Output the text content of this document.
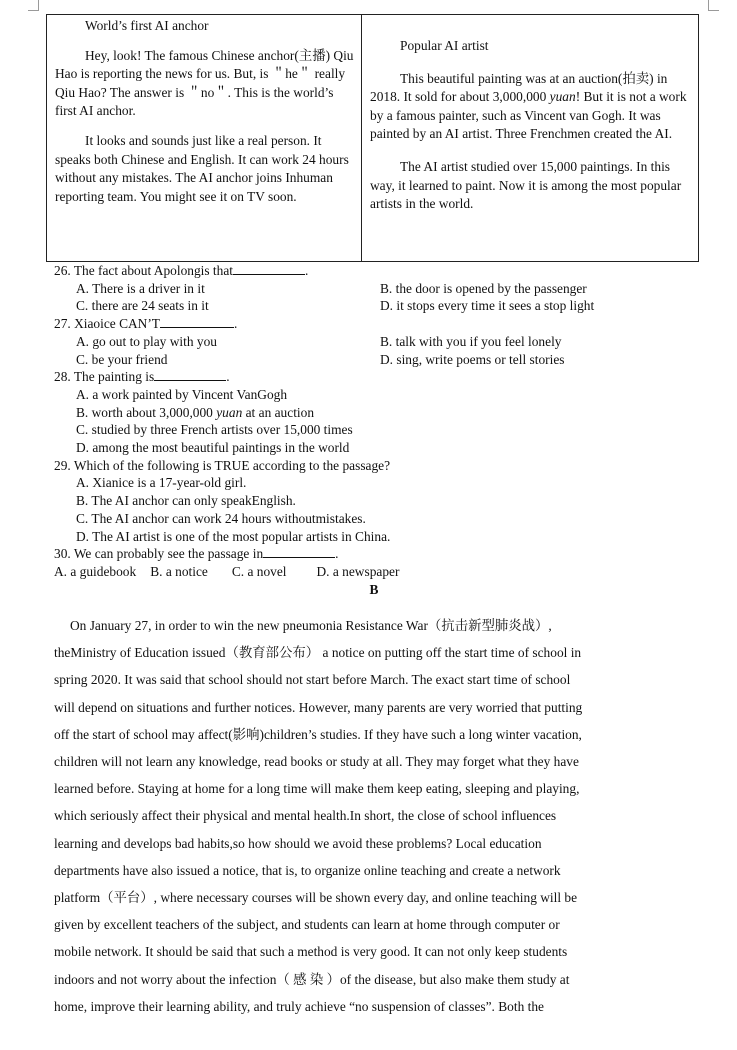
World’s first AI anchor

Hey, look! The famous Chinese anchor(主播) Qiu Hao is reporting the news for us. But, is ＂he＂ really Qiu Hao? The answer is ＂no＂. This is the world’s first AI anchor.

It looks and sounds just like a real person. It speaks both Chinese and English. It can work 24 hours without any mistakes. The AI anchor joins Inhuman reporting team. You might see it on TV soon.

Popular AI artist

This beautiful painting was at an auction(拍卖) in 2018. It sold for about 3,000,000 yuan! But it is not a work by a famous painter, such as Vincent van Gogh. It was painted by an AI artist. Three Frenchmen created the AI.

The AI artist studied over 15,000 paintings. In this way, it learned to paint. Now it is among the most popular artists in the world.

26. The fact about Apolongis that	.

A. There is a driver in it	B. the door is opened by the passenger

C. there are 24 seats in it	D. it stops every time it sees a stop light

27. Xiaoice CAN’T	.

A. go out to play with you	B. talk with you if you feel lonely

C. be your friend	D. sing, write poems or tell stories

28. The painting is	.

A. a work painted by Vincent VanGogh

B. worth about 3,000,000 yuan at an auction

C. studied by three French artists over 15,000 times

D. among the most beautiful paintings in the world

29. Which of the following is TRUE according to the passage?

A. Xianice is a 17-year-old girl.

B. The AI anchor can only speakEnglish.

C. The AI anchor can work 24 hours withoutmistakes.

D. The AI artist is one of the most popular artists in China.

30. We can probably see the passage in	.

A. a guidebook B. a notice C. a novel D. a newspaper

B

On January 27, in order to win the new pneumonia Resistance War（抗击新型肺炎战）,
theMinistry of Education issued（教育部公布） a notice on putting off the start time of school in
spring 2020. It was said that school should not start before March. The exact start time of school
will depend on situations and further notices. However, many parents are very worried that putting
off the start of school may affect(影响)children’s studies. If they have such a long winter vacation,
children will not learn any knowledge, read books or study at all. They may forget what they have
learned before. Staying at home for a long time will make them keep eating, sleeping and playing,
which seriously affect their physical and mental health.In short, the close of school influences
learning and develops bad habits,so how should we avoid these problems? Local education
departments have also issued a notice, that is, to organize online teaching and create a network
platform（平台）, where necessary courses will be shown every day, and online teaching will be
given by excellent teachers of the subject, and students can learn at home through computer or
mobile network. It should be said that such a method is very good. It can not only keep students
indoors and not worry about the infection（ 感 染 ）of the disease, but also make them study at
home, improve their learning ability, and truly achieve “no suspension of classes”. Both the
